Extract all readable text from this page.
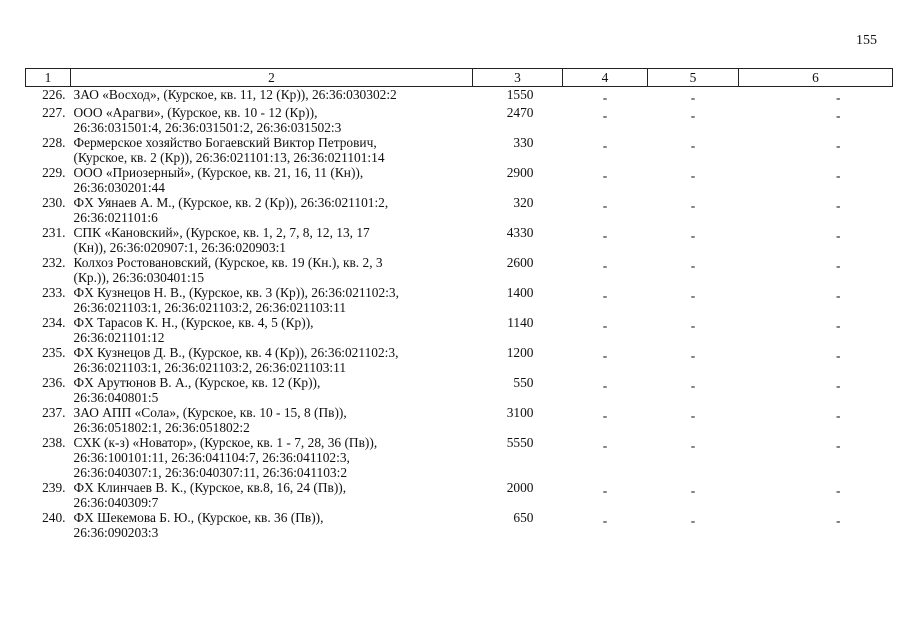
155
1	2	3	4	5	6
226.	ЗАО «Восход», (Курское, кв. 11, 12 (Кр)), 26:36:030302:2	1550	-	-	-
227.	ООО «Арагви», (Курское, кв. 10 - 12 (Кр)),
26:36:031501:4, 26:36:031501:2, 26:36:031502:3	2470	-	-	-
228.	Фермерское хозяйство Богаевский Виктор Петрович,
(Курское, кв. 2 (Кр)), 26:36:021101:13, 26:36:021101:14	330	-	-	-
229.	ООО «Приозерный», (Курское, кв. 21, 16, 11 (Кн)),
26:36:030201:44	2900	-	-	-
230.	ФХ Уянаев А. М., (Курское, кв. 2 (Кр)), 26:36:021101:2,
26:36:021101:6	320	-	-	-
231.	СПК «Кановский», (Курское, кв. 1, 2, 7, 8, 12, 13, 17
(Кн)), 26:36:020907:1, 26:36:020903:1	4330	-	-	-
232.	Колхоз Ростовановский, (Курское, кв. 19 (Кн.), кв. 2, 3
(Кр.)), 26:36:030401:15	2600	-	-	-
233.	ФХ Кузнецов Н. В., (Курское, кв. 3 (Кр)), 26:36:021102:3,
26:36:021103:1, 26:36:021103:2, 26:36:021103:11	1400	-	-	-
234.	ФХ Тарасов К. Н., (Курское, кв. 4, 5 (Кр)),
26:36:021101:12	1140	-	-	-
235.	ФХ Кузнецов Д. В., (Курское, кв. 4 (Кр)), 26:36:021102:3,
26:36:021103:1, 26:36:021103:2, 26:36:021103:11	1200	-	-	-
236.	ФХ Арутюнов В. А., (Курское, кв. 12 (Кр)),
26:36:040801:5	550	-	-	-
237.	ЗАО АПП «Сола», (Курское, кв. 10 - 15, 8 (Пв)),
26:36:051802:1, 26:36:051802:2	3100	-	-	-
238.	СХК (к-з) «Новатор», (Курское, кв. 1 - 7, 28, 36 (Пв)),
26:36:100101:11, 26:36:041104:7, 26:36:041102:3,
26:36:040307:1, 26:36:040307:11, 26:36:041103:2	5550	-	-	-
239.	ФХ Клинчаев В. К., (Курское, кв.8, 16, 24 (Пв)),
26:36:040309:7	2000	-	-	-
240.	ФХ Шекемова Б. Ю., (Курское, кв. 36 (Пв)),
26:36:090203:3	650	-	-	-
